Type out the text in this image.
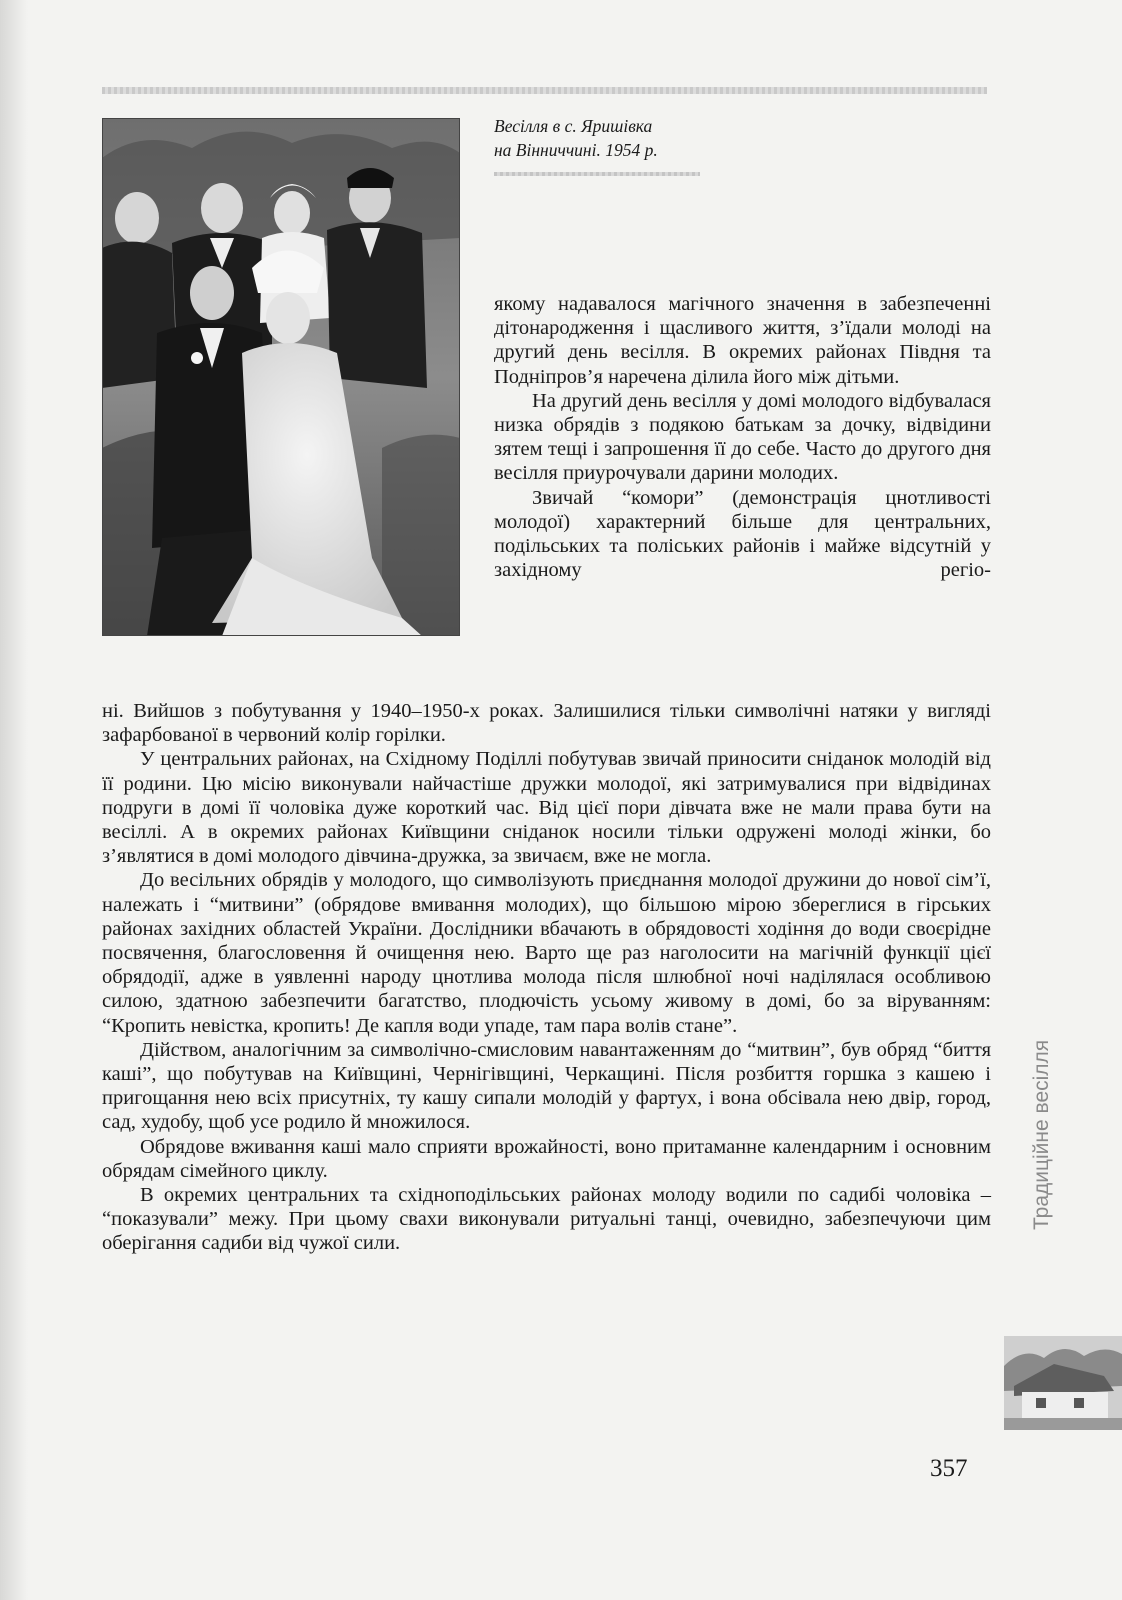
Весілля в с. Яришівка
на Вінниччині. 1954 р.

якому надавалося магічного значення в забезпеченні дітонародження і щасливого життя, з’їдали молоді на другий день весілля. В окремих районах Півдня та Подніпров’я наречена ділила його між дітьми.

На другий день весілля у домі молодого відбувалася низка обрядів з подякою батькам за дочку, відвідини зятем тещі і запрошення її до себе. Часто до другого дня весілля приурочували дарини молодих.

Звичай “комори” (демонстрація цнотливості молодої) характерний більше для центральних, подільських та поліських районів і майже відсутній у західному регіо-

ні. Вийшов з побутування у 1940–1950-х роках. Залишилися тільки символічні натяки у вигляді зафарбованої в червоний колір горілки.

У центральних районах, на Східному Поділлі побутував звичай приносити сніданок молодій від її родини. Цю місію виконували найчастіше дружки молодої, які затримувалися при відвідинах подруги в домі її чоловіка дуже короткий час. Від цієї пори дівчата вже не мали права бути на весіллі. А в окремих районах Київщини сніданок носили тільки одружені молоді жінки, бо з’являтися в домі молодого дівчина-дружка, за звичаєм, вже не могла.

До весільних обрядів у молодого, що символізують приєднання молодої дружини до нової сім’ї, належать і “митвини” (обрядове вмивання молодих), що більшою мірою збереглися в гірських районах західних областей України. Дослідники вбачають в обрядовості ходіння до води своєрідне посвячення, благословення й очищення нею. Варто ще раз наголосити на магічній функції цієї обрядодії, адже в уявленні народу цнотлива молода після шлюбної ночі наділялася особливою силою, здатною забезпечити багатство, плодючість усьому живому в домі, бо за віруванням: “Кропить невістка, кропить! Де капля води упаде, там пара волів стане”.

Дійством, аналогічним за символічно-смисловим навантаженням до “митвин”, був обряд “биття каші”, що побутував на Київщині, Чернігівщині, Черкащині. Після розбиття горшка з кашею і пригощання нею всіх присутніх, ту кашу сипали молодій у фартух, і вона обсівала нею двір, город, сад, худобу, щоб усе родило й множилося.

Обрядове вживання каші мало сприяти врожайності, воно притаманне календарним і основним обрядам сімейного циклу.

В окремих центральних та східноподільських районах молоду водили по садибі чоловіка – “показували” межу. При цьому свахи виконували ритуальні танці, очевидно, забезпечуючи цим оберігання садиби від чужої сили.

Традиційне весілля
357
